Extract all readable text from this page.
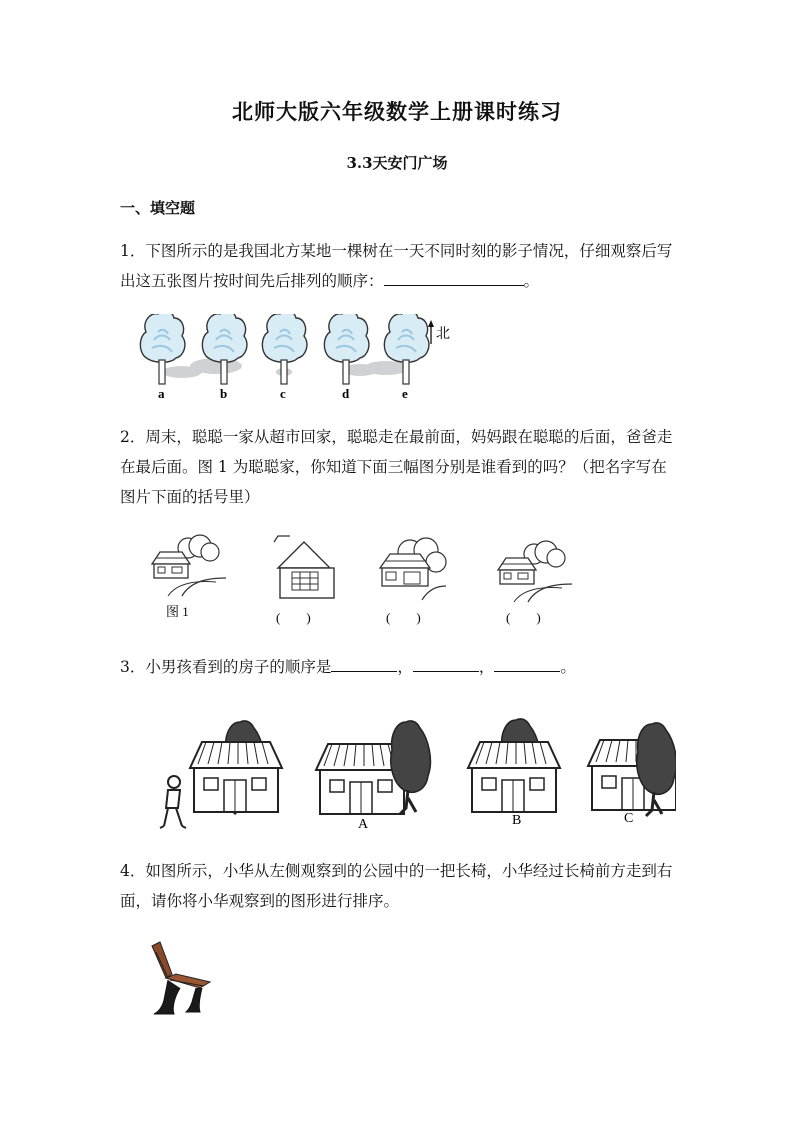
北师大版六年级数学上册课时练习
3.3天安门广场
一、填空题
1．下图所示的是我国北方某地一棵树在一天不同时刻的影子情况，仔细观察后写出这五张图片按时间先后排列的顺序：	。
北
a	b	c	d	e
2．周末，聪聪一家从超市回家，聪聪走在最前面，妈妈跟在聪聪的后面，爸爸走在最后面。图 1 为聪聪家，你知道下面三幅图分别是谁看到的吗？（把名字写在图片下面的括号里）
图 1	(　　)	(　　)	(　　)
3．小男孩看到的房子的顺序是	，	，	。
A	B	C
4．如图所示，小华从左侧观察到的公园中的一把长椅，小华经过长椅前方走到右面，请你将小华观察到的图形进行排序。
